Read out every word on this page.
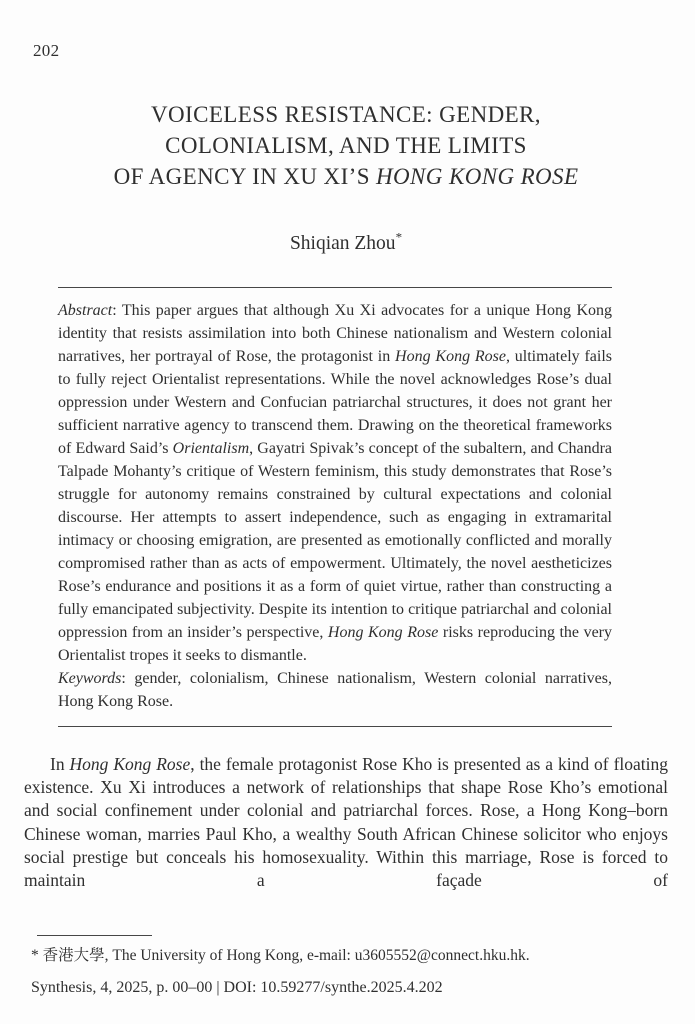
202
VOICELESS RESISTANCE: GENDER,
COLONIALISM, AND THE LIMITS
OF AGENCY IN XU XI’S HONG KONG ROSE
Shiqian Zhou*

Abstract: This paper argues that although Xu Xi advocates for a unique Hong Kong identity that resists assimilation into both Chinese nationalism and Western colonial narratives, her portrayal of Rose, the protagonist in Hong Kong Rose, ultimately fails to fully reject Orientalist representations. While the novel acknowledges Rose’s dual oppression under Western and Confucian patriarchal structures, it does not grant her sufficient narrative agency to transcend them. Drawing on the theoretical frameworks of Edward Said’s Orientalism, Gayatri Spivak’s concept of the subaltern, and Chandra Talpade Mohanty’s critique of Western feminism, this study demonstrates that Rose’s struggle for autonomy remains constrained by cultural expectations and colonial discourse. Her attempts to assert independence, such as engaging in extramarital intimacy or choosing emigration, are presented as emotionally conflicted and morally compromised rather than as acts of empowerment. Ultimately, the novel aestheticizes Rose’s endurance and positions it as a form of quiet virtue, rather than constructing a fully emancipated subjectivity. Despite its intention to critique patriarchal and colonial oppression from an insider’s perspective, Hong Kong Rose risks reproducing the very Orientalist tropes it seeks to dismantle.

Keywords: gender, colonialism, Chinese nationalism, Western colonial narratives, Hong Kong Rose.

In Hong Kong Rose, the female protagonist Rose Kho is presented as a kind of floating existence. Xu Xi introduces a network of relationships that shape Rose Kho’s emotional and social confinement under colonial and patriarchal forces. Rose, a Hong Kong–born Chinese woman, marries Paul Kho, a wealthy South African Chinese solicitor who enjoys social prestige but conceals his homosexuality. Within this marriage, Rose is forced to maintain a façade of

* 香港大學, The University of Hong Kong, e-mail: u3605552@connect.hku.hk.

Synthesis, 4, 2025, p. 00–00 | DOI: 10.59277/synthe.2025.4.202
